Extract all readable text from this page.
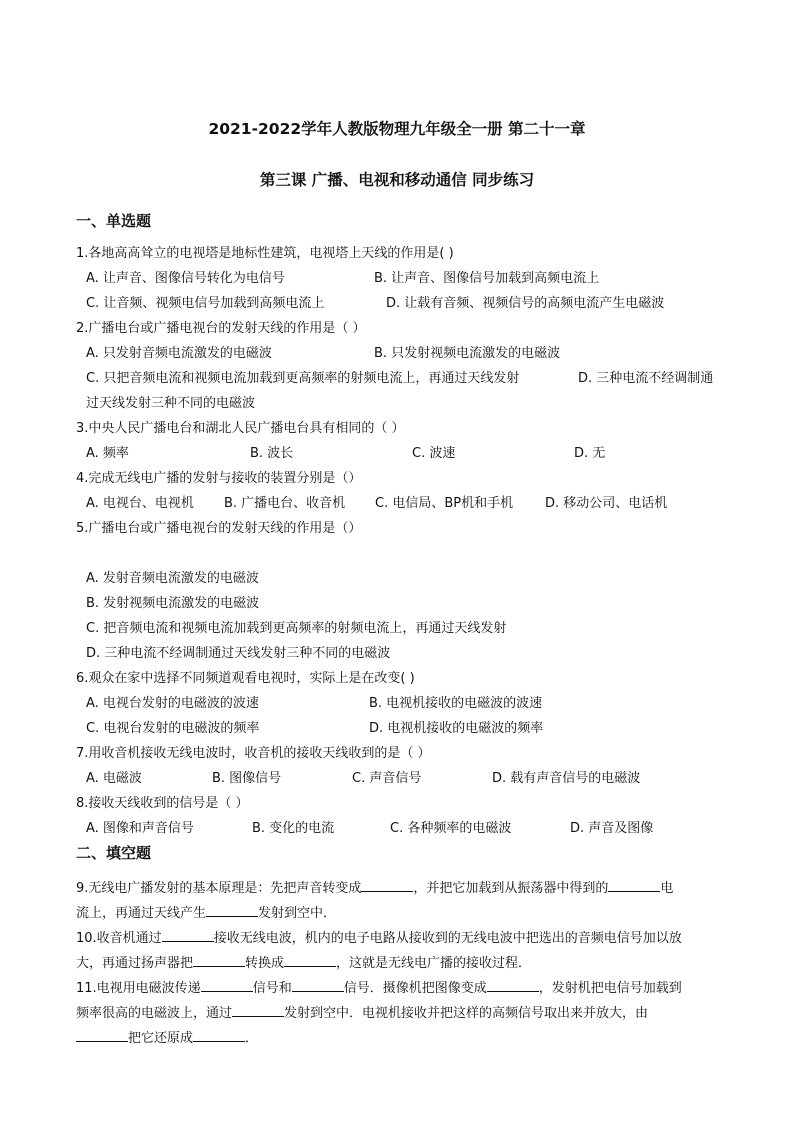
2021-2022学年人教版物理九年级全一册 第二十一章
第三课 广播、电视和移动通信 同步练习
一、单选题
1.各地高高耸立的电视塔是地标性建筑，电视塔上天线的作用是( )
A. 让声音、图像信号转化为电信号	B. 让声音、图像信号加载到高频电流上
C. 让音频、视频电信号加载到高频电流上	D. 让载有音频、视频信号的高频电流产生电磁波
2.广播电台或广播电视台的发射天线的作用是（ ）
A. 只发射音频电流激发的电磁波	B. 只发射视频电流激发的电磁波
C. 只把音频电流和视频电流加载到更高频率的射频电流上，再通过天线发射	D. 三种电流不经调制通
过天线发射三种不同的电磁波
3.中央人民广播电台和湖北人民广播电台具有相同的（ ）
A. 频率	B. 波长	C. 波速	D. 无
4.完成无线电广播的发射与接收的装置分别是（）
A. 电视台、电视机 B. 广播电台、收音机 C. 电信局、BP机和手机 D. 移动公司、电话机
5.广播电台或广播电视台的发射天线的作用是（）
A. 发射音频电流激发的电磁波
B. 发射视频电流激发的电磁波
C. 把音频电流和视频电流加载到更高频率的射频电流上，再通过天线发射
D. 三种电流不经调制通过天线发射三种不同的电磁波
6.观众在家中选择不同频道观看电视时，实际上是在改变( )
A. 电视台发射的电磁波的波速	B. 电视机接收的电磁波的波速
C. 电视台发射的电磁波的频率	D. 电视机接收的电磁波的频率
7.用收音机接收无线电波时，收音机的接收天线收到的是（ ）
A. 电磁波	B. 图像信号	C. 声音信号	D. 载有声音信号的电磁波
8.接收天线收到的信号是（ ）
A. 图像和声音信号	B. 变化的电流	C. 各种频率的电磁波	D. 声音及图像
二、填空题
9.无线电广播发射的基本原理是：先把声音转变成	，并把它加载到从振荡器中得到的	电
流上，再通过天线产生	发射到空中．
10.收音机通过	接收无线电波，机内的电子电路从接收到的无线电波中把选出的音频电信号加以放
大，再通过扬声器把	转换成	，这就是无线电广播的接收过程．
11.电视用电磁波传递	信号和	信号．摄像机把图像变成	，发射机把电信号加载到
频率很高的电磁波上，通过	发射到空中．电视机接收并把这样的高频信号取出来并放大，由
把它还原成	．
